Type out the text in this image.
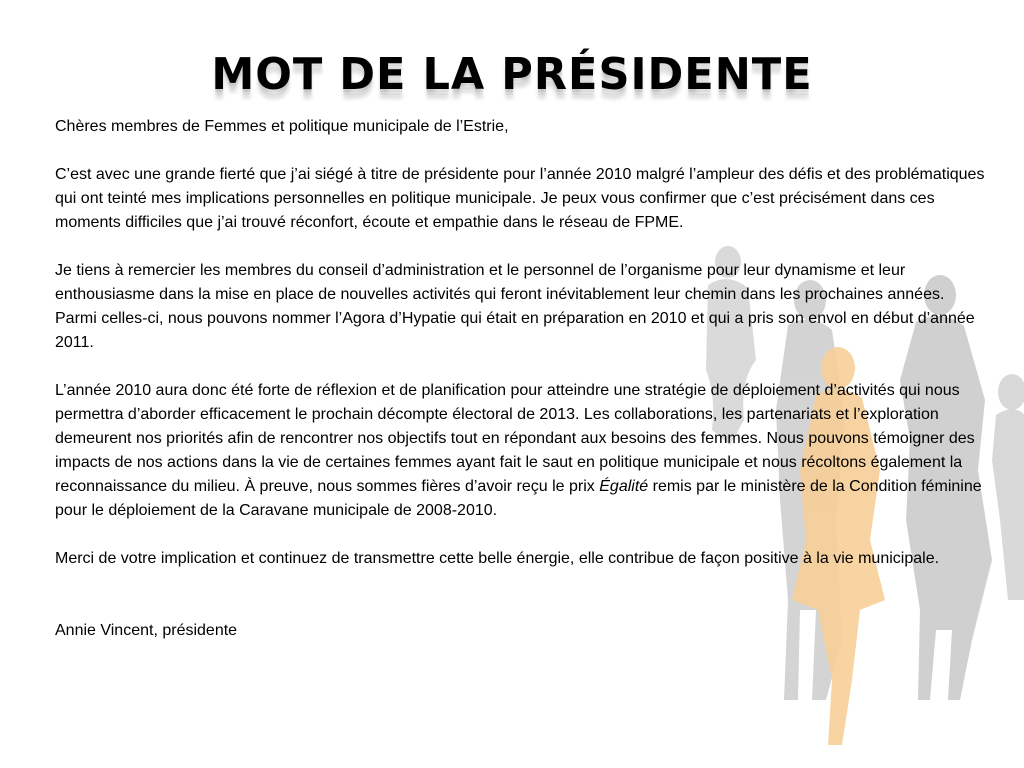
MOT DE LA PRÉSIDENTE

Chères membres de Femmes et politique municipale de l’Estrie,

C’est avec une grande fierté que j’ai siégé à titre de présidente pour l’année 2010 malgré l’ampleur des défis et des problématiques qui ont teinté mes implications personnelles en politique municipale. Je peux vous confirmer que c’est précisément dans ces moments difficiles que j’ai trouvé réconfort, écoute et empathie dans le réseau de FPME.

Je tiens à remercier les membres du conseil d’administration et le personnel de l’organisme pour leur dynamisme et leur enthousiasme dans la mise en place de nouvelles activités qui feront inévitablement leur chemin dans les prochaines années. Parmi celles-ci, nous pouvons nommer l’Agora d’Hypatie qui était en préparation en 2010 et qui a pris son envol en début d’année 2011.

L’année 2010 aura donc été forte de réflexion et de planification pour atteindre une stratégie de déploiement d’activités qui nous permettra d’aborder efficacement le prochain décompte électoral de 2013. Les collaborations, les partenariats et l’exploration demeurent nos priorités afin de rencontrer nos objectifs tout en répondant aux besoins des femmes. Nous pouvons témoigner des impacts de nos actions dans la vie de certaines femmes ayant fait le saut en politique municipale et nous récoltons également la reconnaissance du milieu. À preuve, nous sommes fières d’avoir reçu le prix Égalité remis par le ministère de la Condition féminine pour le déploiement de la Caravane municipale de 2008-2010.

Merci de votre implication et continuez de transmettre cette belle énergie, elle contribue de façon positive à la vie municipale.

Annie Vincent, présidente
